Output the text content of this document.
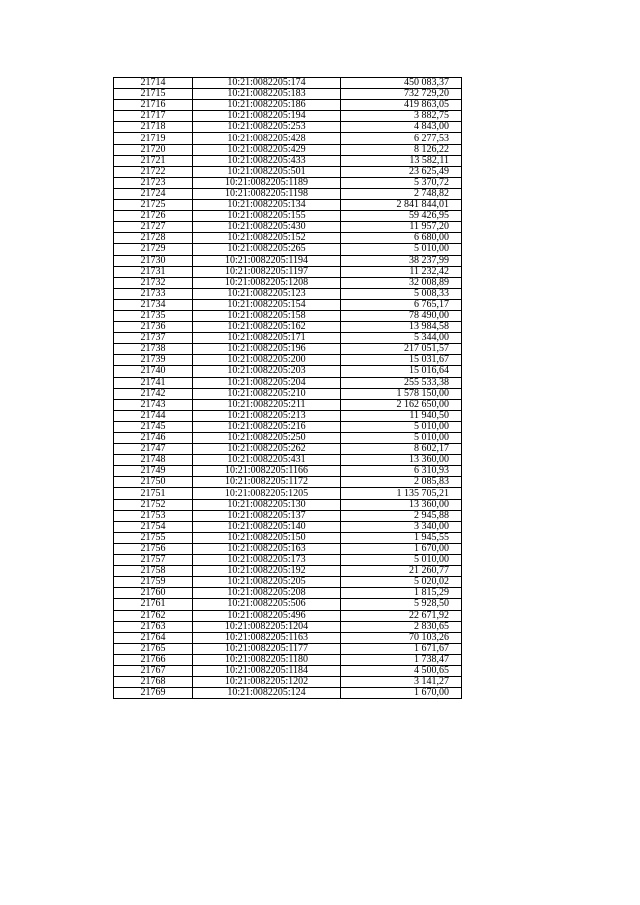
21714	10:21:0082205:174	450 083,37
21715	10:21:0082205:183	732 729,20
21716	10:21:0082205:186	419 863,05
21717	10:21:0082205:194	3 882,75
21718	10:21:0082205:253	4 843,00
21719	10:21:0082205:428	6 277,53
21720	10:21:0082205:429	8 126,22
21721	10:21:0082205:433	13 582,11
21722	10:21:0082205:501	23 625,49
21723	10:21:0082205:1189	5 370,72
21724	10:21:0082205:1198	2 748,82
21725	10:21:0082205:134	2 841 844,01
21726	10:21:0082205:155	59 426,95
21727	10:21:0082205:430	11 957,20
21728	10:21:0082205:152	6 680,00
21729	10:21:0082205:265	5 010,00
21730	10:21:0082205:1194	38 237,99
21731	10:21:0082205:1197	11 232,42
21732	10:21:0082205:1208	32 008,89
21733	10:21:0082205:123	5 008,33
21734	10:21:0082205:154	6 765,17
21735	10:21:0082205:158	78 490,00
21736	10:21:0082205:162	13 984,58
21737	10:21:0082205:171	5 344,00
21738	10:21:0082205:196	217 051,57
21739	10:21:0082205:200	15 031,67
21740	10:21:0082205:203	15 016,64
21741	10:21:0082205:204	255 533,38
21742	10:21:0082205:210	1 578 150,00
21743	10:21:0082205:211	2 162 650,00
21744	10:21:0082205:213	11 940,50
21745	10:21:0082205:216	5 010,00
21746	10:21:0082205:250	5 010,00
21747	10:21:0082205:262	8 602,17
21748	10:21:0082205:431	13 360,00
21749	10:21:0082205:1166	6 310,93
21750	10:21:0082205:1172	2 085,83
21751	10:21:0082205:1205	1 135 705,21
21752	10:21:0082205:130	13 360,00
21753	10:21:0082205:137	2 945,88
21754	10:21:0082205:140	3 340,00
21755	10:21:0082205:150	1 945,55
21756	10:21:0082205:163	1 670,00
21757	10:21:0082205:173	5 010,00
21758	10:21:0082205:192	21 260,77
21759	10:21:0082205:205	5 020,02
21760	10:21:0082205:208	1 815,29
21761	10:21:0082205:506	5 928,50
21762	10:21:0082205:496	22 671,92
21763	10:21:0082205:1204	2 830,65
21764	10:21:0082205:1163	70 103,26
21765	10:21:0082205:1177	1 671,67
21766	10:21:0082205:1180	1 738,47
21767	10:21:0082205:1184	4 500,65
21768	10:21:0082205:1202	3 141,27
21769	10:21:0082205:124	1 670,00
